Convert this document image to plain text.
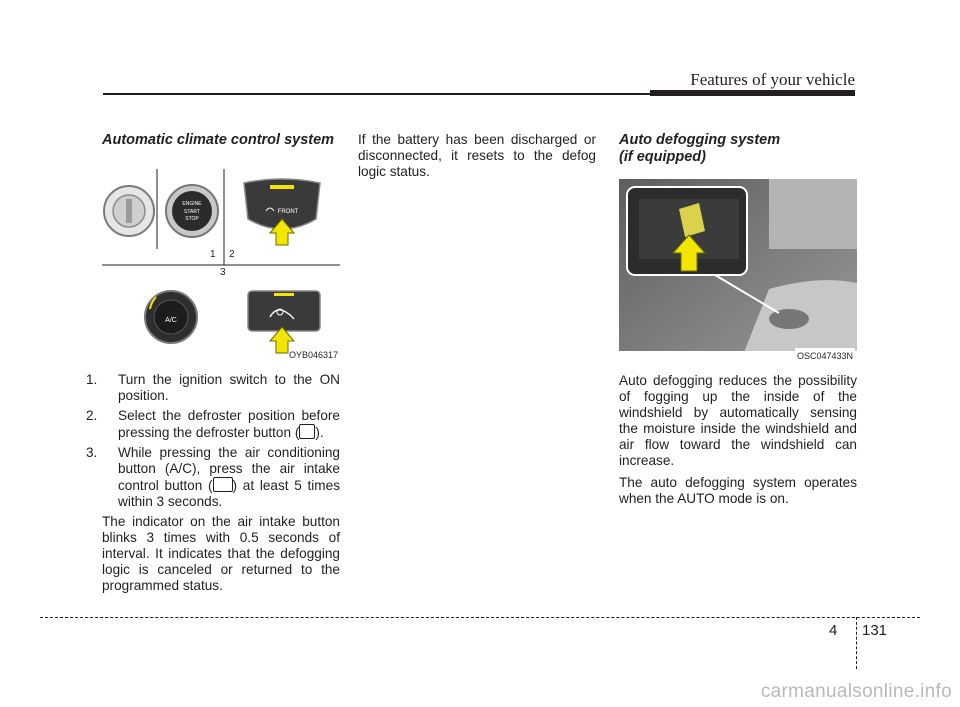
Features of your vehicle
Automatic climate control system
ENGINE
START
STOP
FRONT
1 2
3
A/C
OYB046317
1. Turn the ignition switch to the ON position.
2. Select the defroster position before pressing the defroster button ( ).
3. While pressing the air conditioning button (A/C), press the air intake control button ( ) at least 5 times within 3 seconds.

The indicator on the air intake button blinks 3 times with 0.5 seconds of interval. It indicates that the defogging logic is canceled or returned to the programmed status.

If the battery has been discharged or disconnected, it resets to the defog logic status.

Auto defogging system
(if equipped)
OSC047433N

Auto defogging reduces the possibility of fogging up the inside of the windshield by automatically sensing the moisture inside the windshield and air flow toward the windshield can increase.

The auto defogging system operates when the AUTO mode is on.

4 131
carmanualsonline.info
